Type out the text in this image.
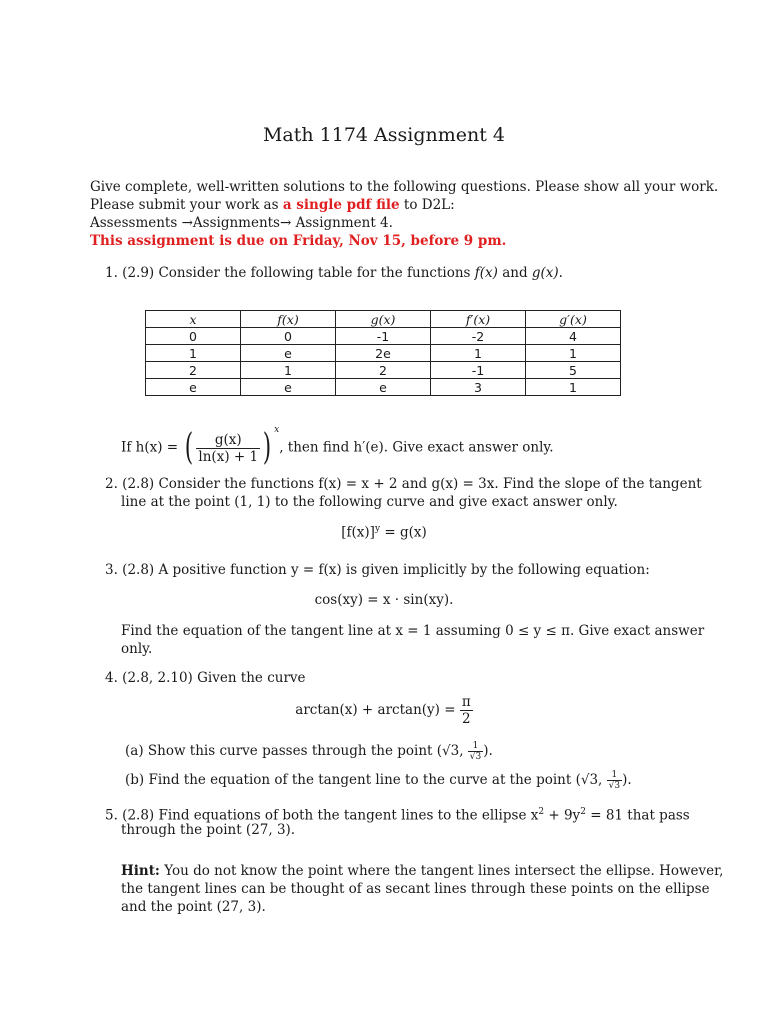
Math 1174 Assignment 4
Give complete, well-written solutions to the following questions. Please show all your work.
Please submit your work as a single pdf file to D2L:
Assessments →Assignments→ Assignment 4.
This assignment is due on Friday, Nov 15, before 9 pm.
1. (2.9) Consider the following table for the functions f(x) and g(x).
x	f(x)	g(x)	f′(x)	g′(x)
0	0	-1	-2	4
1	e	2e	1	1
2	1	2	-1	5
e	e	e	3	1
If h(x) = ( $\frac{g(x)}{\ln(x) + 1}$ ) $^x$, then find h′(e). Give exact answer only.
2. (2.8) Consider the functions f(x) = x + 2 and g(x) = 3x. Find the slope of the tangent
line at the point (1, 1) to the following curve and give exact answer only.
$[f(x)]^y = g(x)$
3. (2.8) A positive function y = f(x) is given implicitly by the following equation:
cos(xy) = x · sin(xy).
Find the equation of the tangent line at x = 1 assuming 0 ≤ y ≤ π. Give exact answer
only.
4. (2.8, 2.10) Given the curve
$\arctan(x) + \arctan(y) = \frac{\pi}{2}$
(a) Show this curve passes through the point (√3, $\frac{1}{√3}$ ).
(b) Find the equation of the tangent line to the curve at the point (√3, $\frac{1}{√3}$ ).
5. (2.8) Find equations of both the tangent lines to the ellipse $x^2 + 9y^2 = 81$ that pass
through the point (27, 3).
Hint: You do not know the point where the tangent lines intersect the ellipse. However,
the tangent lines can be thought of as secant lines through these points on the ellipse
and the point (27, 3).
